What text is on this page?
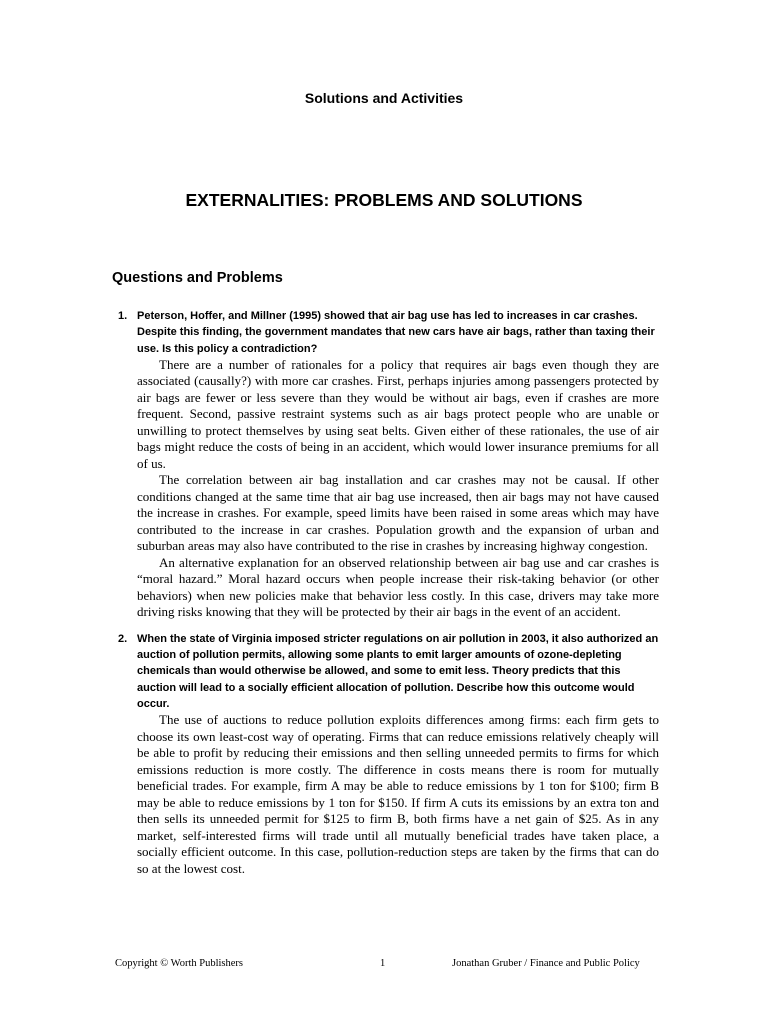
Solutions and Activities
EXTERNALITIES: PROBLEMS AND SOLUTIONS
Questions and Problems
1. Peterson, Hoffer, and Millner (1995) showed that air bag use has led to increases in car crashes. Despite this finding, the government mandates that new cars have air bags, rather than taxing their use. Is this policy a contradiction?

There are a number of rationales for a policy that requires air bags even though they are associated (causally?) with more car crashes. First, perhaps injuries among passengers protected by air bags are fewer or less severe than they would be without air bags, even if crashes are more frequent. Second, passive restraint systems such as air bags protect people who are unable or unwilling to protect themselves by using seat belts. Given either of these rationales, the use of air bags might reduce the costs of being in an accident, which would lower insurance premiums for all of us.

The correlation between air bag installation and car crashes may not be causal. If other conditions changed at the same time that air bag use increased, then air bags may not have caused the increase in crashes. For example, speed limits have been raised in some areas which may have contributed to the increase in car crashes. Population growth and the expansion of urban and suburban areas may also have contributed to the rise in crashes by increasing highway congestion.

An alternative explanation for an observed relationship between air bag use and car crashes is “moral hazard.” Moral hazard occurs when people increase their risk-taking behavior (or other behaviors) when new policies make that behavior less costly. In this case, drivers may take more driving risks knowing that they will be protected by their air bags in the event of an accident.

2. When the state of Virginia imposed stricter regulations on air pollution in 2003, it also authorized an auction of pollution permits, allowing some plants to emit larger amounts of ozone-depleting chemicals than would otherwise be allowed, and some to emit less. Theory predicts that this auction will lead to a socially efficient allocation of pollution. Describe how this outcome would occur.

The use of auctions to reduce pollution exploits differences among firms: each firm gets to choose its own least-cost way of operating. Firms that can reduce emissions relatively cheaply will be able to profit by reducing their emissions and then selling unneeded permits to firms for which emissions reduction is more costly. The difference in costs means there is room for mutually beneficial trades. For example, firm A may be able to reduce emissions by 1 ton for $100; firm B may be able to reduce emissions by 1 ton for $150. If firm A cuts its emissions by an extra ton and then sells its unneeded permit for $125 to firm B, both firms have a net gain of $25. As in any market, self-interested firms will trade until all mutually beneficial trades have taken place, a socially efficient outcome. In this case, pollution-reduction steps are taken by the firms that can do so at the lowest cost.

Copyright © Worth Publishers	1	Jonathan Gruber / Finance and Public Policy
